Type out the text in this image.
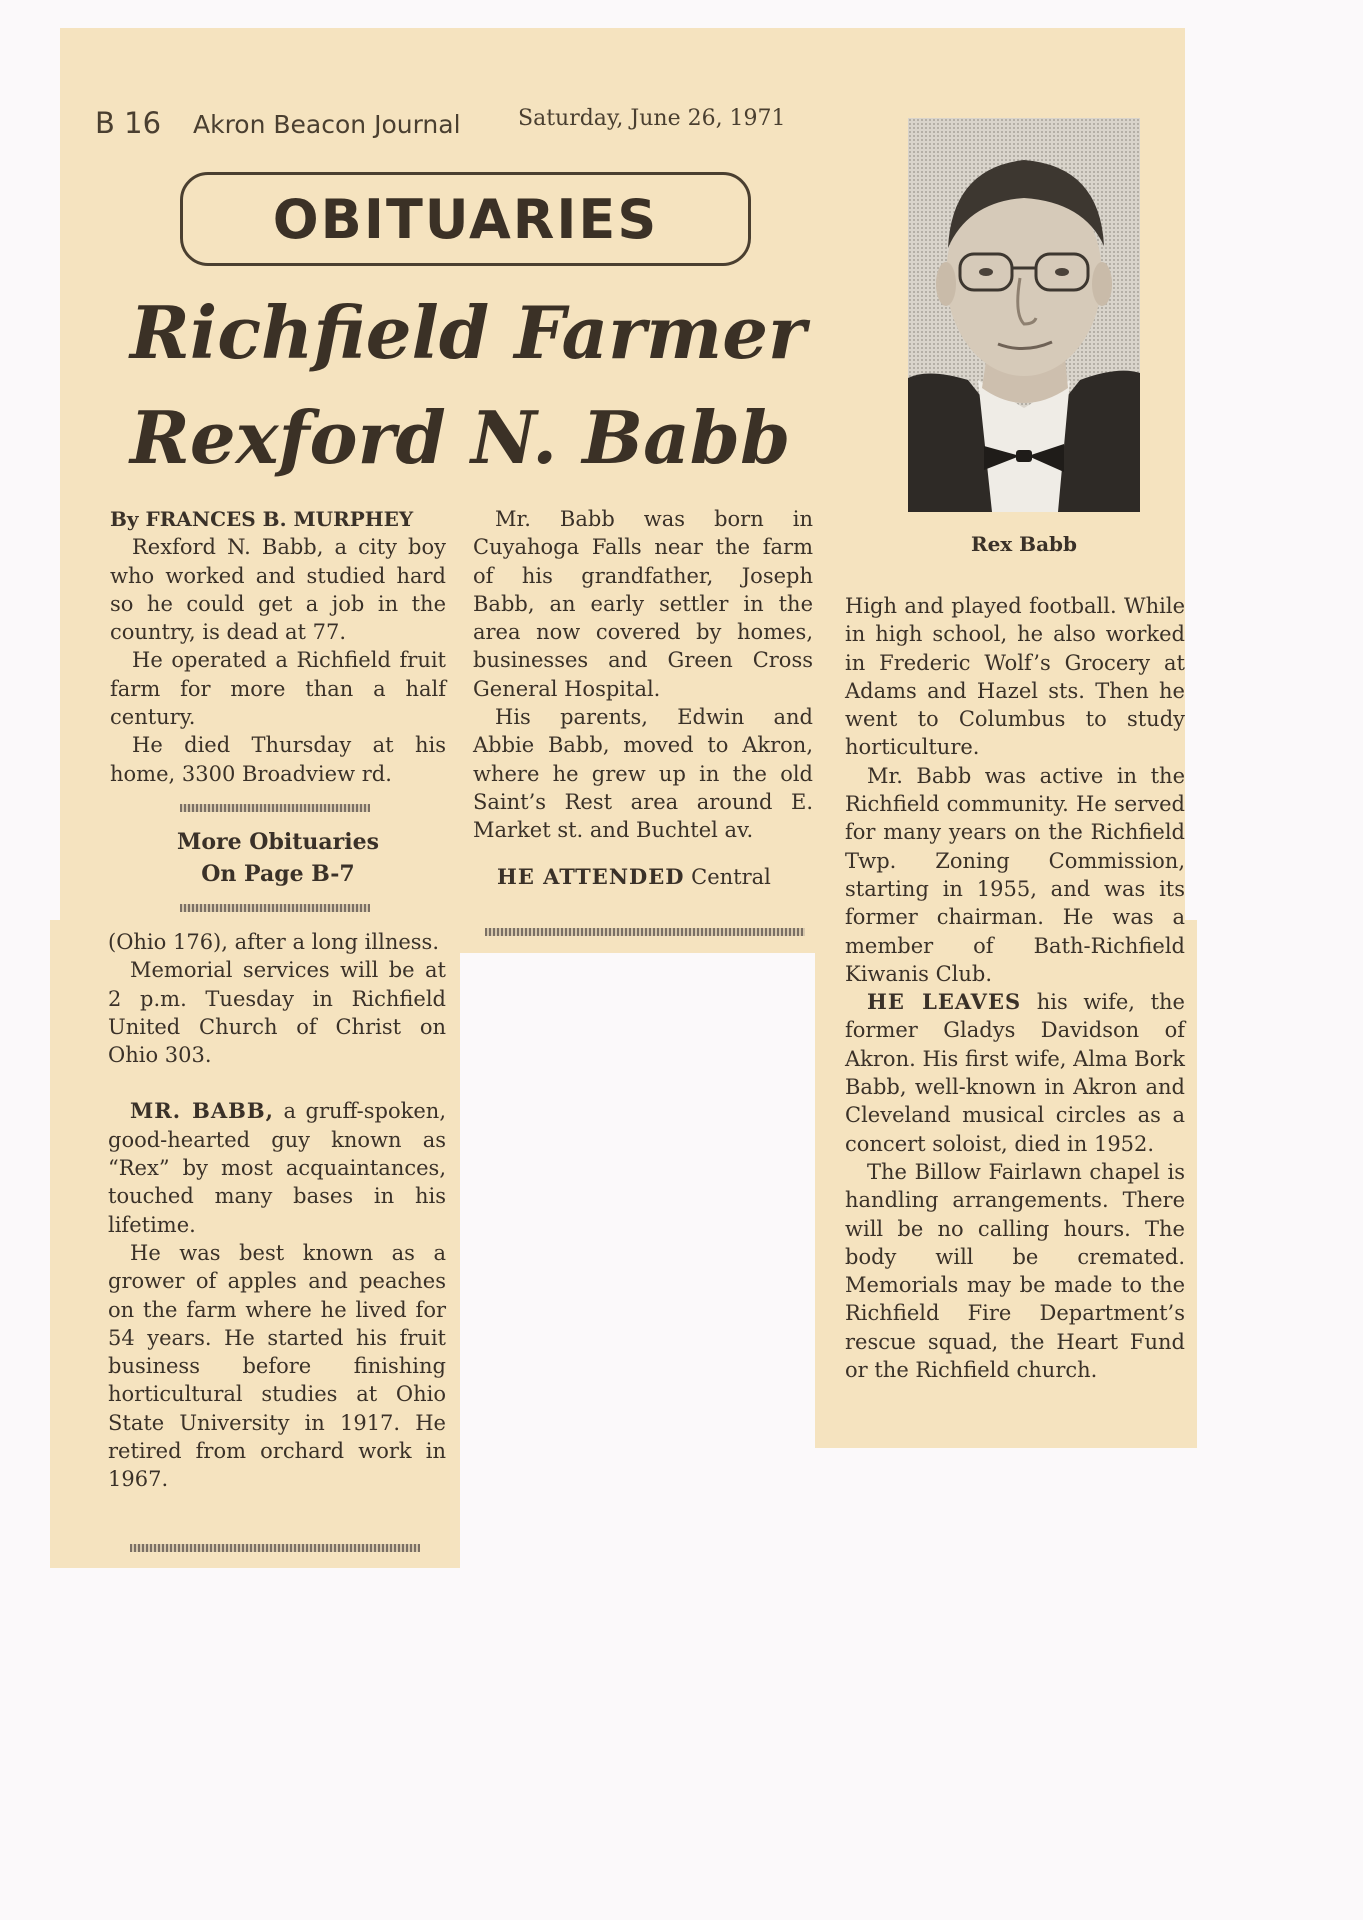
B 16 Akron Beacon Journal	Saturday, June 26, 1971
OBITUARIES
Richfield Farmer
Rexford N. Babb
Rex Babb

By FRANCES B. MURPHEY

Rexford N. Babb, a city boy who worked and studied hard so he could get a job in the country, is dead at 77.

He operated a Richfield fruit farm for more than a half century.

He died Thursday at his home, 3300 Broadview rd.

More Obituaries
On Page B-7

(Ohio 176), after a long illness.

Memorial services will be at 2 p.m. Tuesday in Richfield United Church of Christ on Ohio 303.

MR. BABB, a gruff-spoken, good-hearted guy known as “Rex” by most acquaintances, touched many bases in his lifetime.

He was best known as a grower of apples and peaches on the farm where he lived for 54 years. He started his fruit business before finishing horticultural studies at Ohio State University in 1917. He retired from orchard work in 1967.

Mr. Babb was born in Cuyahoga Falls near the farm of his grandfather, Joseph Babb, an early settler in the area now covered by homes, businesses and Green Cross General Hospital.

His parents, Edwin and Abbie Babb, moved to Akron, where he grew up in the old Saint’s Rest area around E. Market st. and Buchtel av.

HE ATTENDED Central

High and played football. While in high school, he also worked in Frederic Wolf’s Grocery at Adams and Hazel sts. Then he went to Columbus to study horticulture.

Mr. Babb was active in the Richfield community. He served for many years on the Richfield Twp. Zoning Commission, starting in 1955, and was its former chairman. He was a member of Bath-Richfield Kiwanis Club.

HE LEAVES his wife, the former Gladys Davidson of Akron. His first wife, Alma Bork Babb, well-known in Akron and Cleveland musical circles as a concert soloist, died in 1952.

The Billow Fairlawn chapel is handling arrangements. There will be no calling hours. The body will be cremated. Memorials may be made to the Richfield Fire Department’s rescue squad, the Heart Fund or the Richfield church.
